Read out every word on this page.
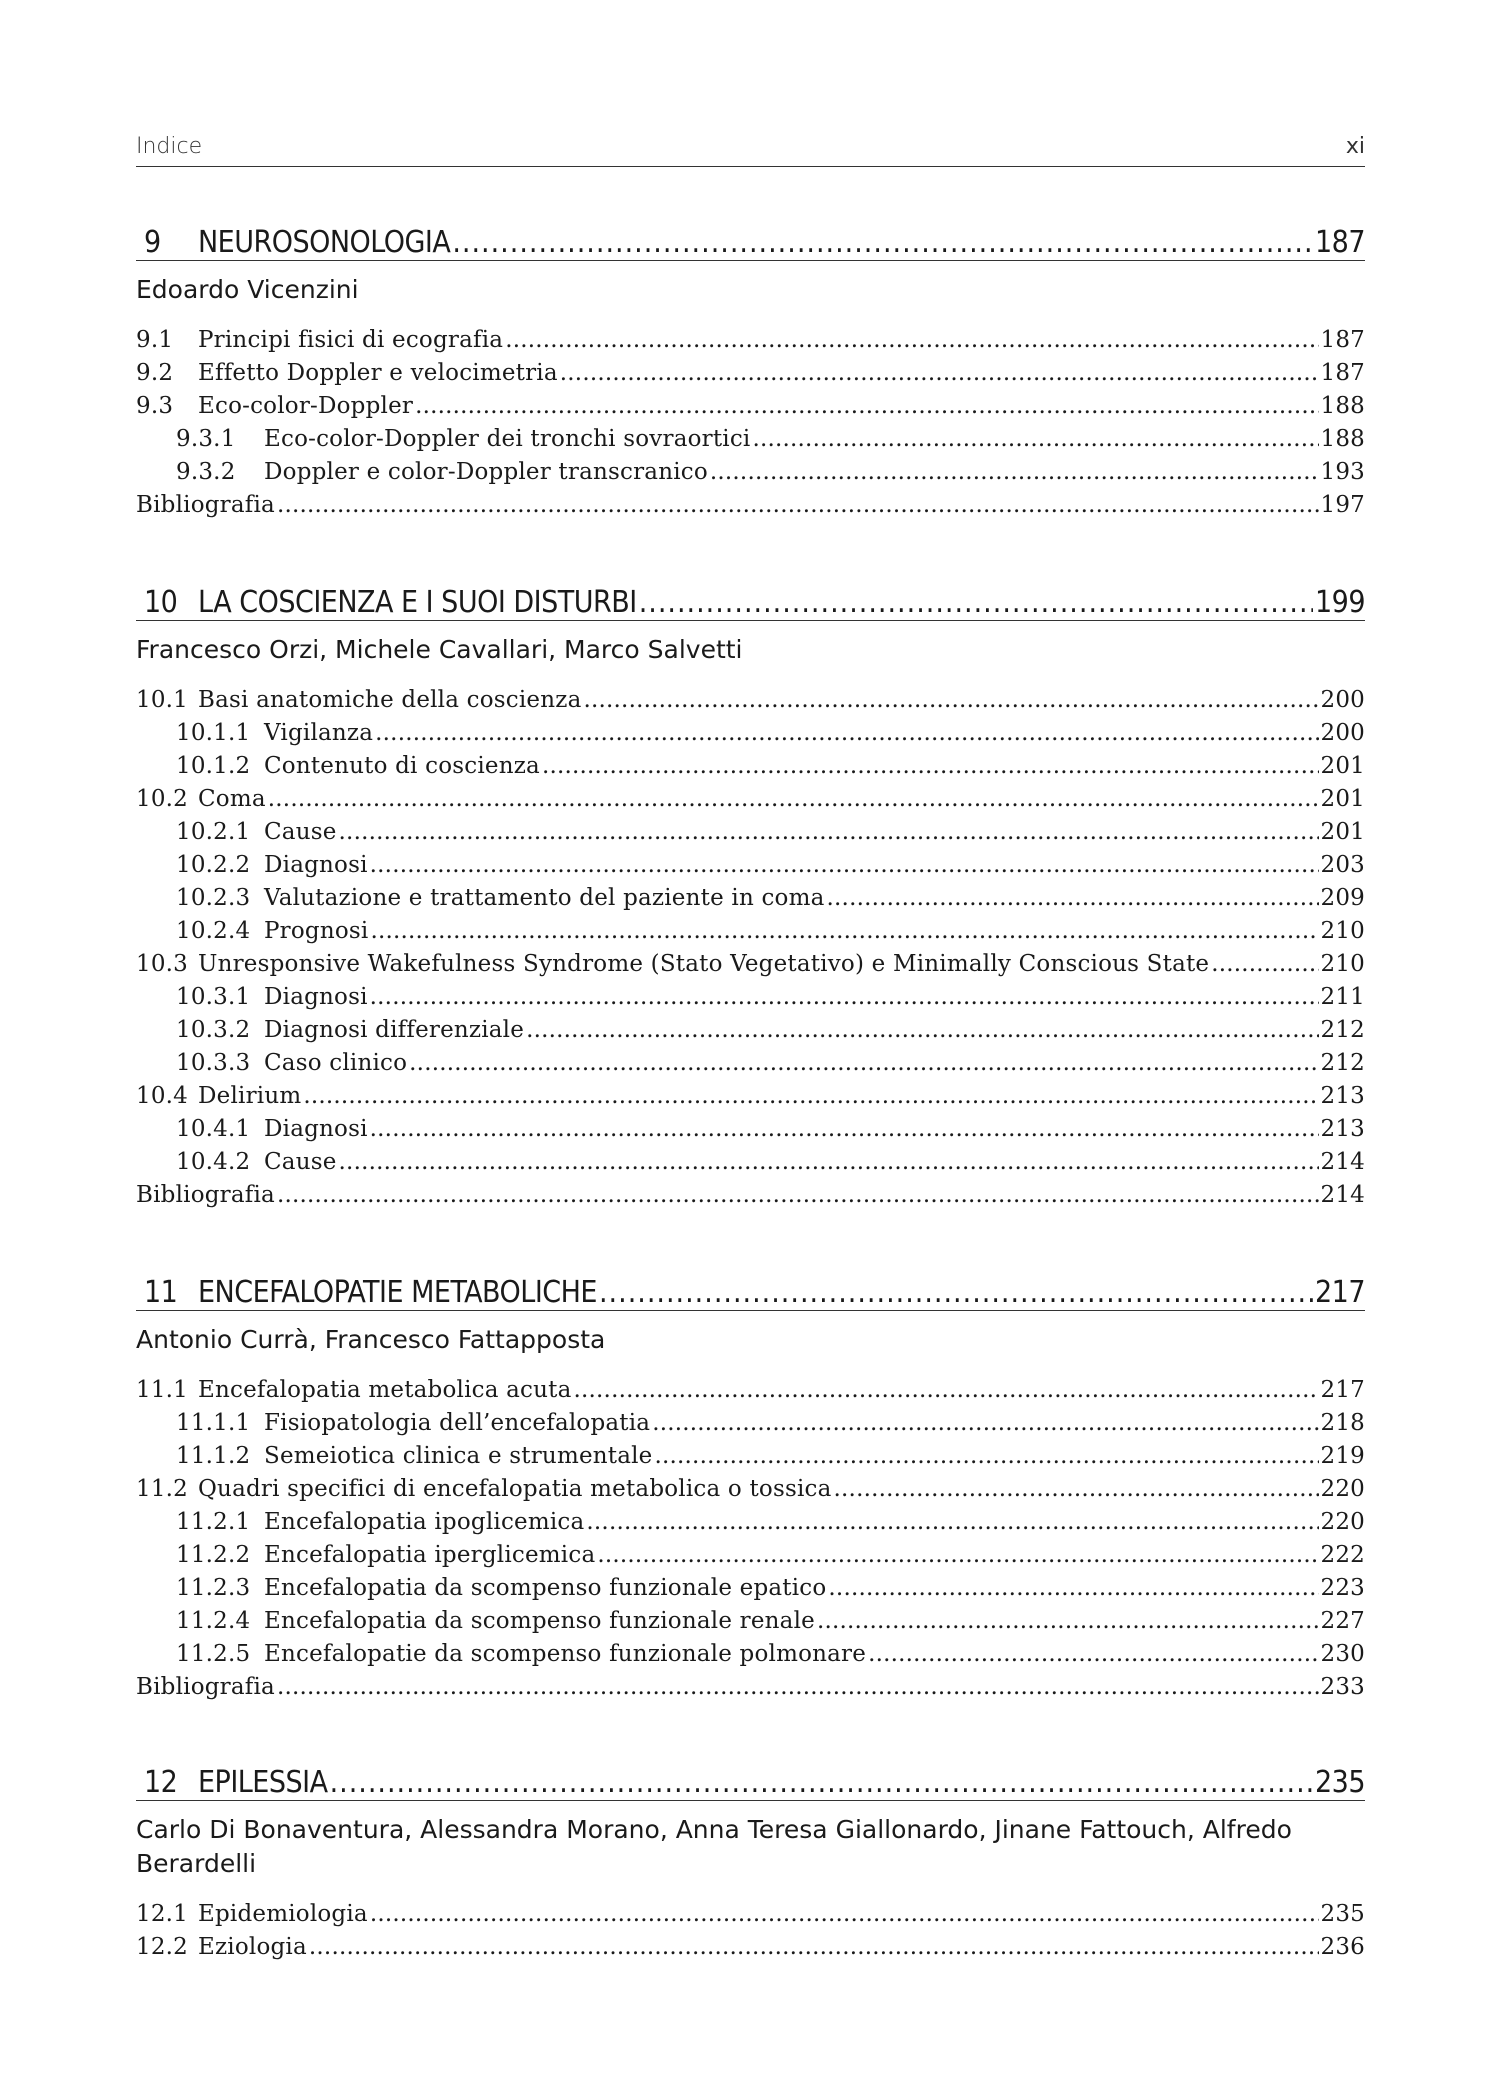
Indice	xi
9	NEUROSONOLOGIA .....	187
Edoardo Vicenzini
9.1	Principi fisici di ecografia .....	187
9.2	Effetto Doppler e velocimetria .....	187
9.3	Eco-color-Doppler .....	188
9.3.1	Eco-color-Doppler dei tronchi sovraortici .....	188
9.3.2	Doppler e color-Doppler transcranico .....	193
Bibliografia .....	197
10 LA COSCIENZA E I SUOI DISTURBI .....	199
Francesco Orzi, Michele Cavallari, Marco Salvetti
10.1 Basi anatomiche della coscienza .....	200
10.1.1 Vigilanza .....	200
10.1.2 Contenuto di coscienza .....	201
10.2 Coma .....	201
10.2.1 Cause .....	201
10.2.2 Diagnosi .....	203
10.2.3 Valutazione e trattamento del paziente in coma .....	209
10.2.4 Prognosi .....	210
10.3 Unresponsive Wakefulness Syndrome (Stato Vegetativo) e Minimally Conscious State .....	210
10.3.1 Diagnosi .....	211
10.3.2 Diagnosi differenziale .....	212
10.3.3 Caso clinico .....	212
10.4 Delirium .....	213
10.4.1 Diagnosi .....	213
10.4.2 Cause .....	214
Bibliografia .....	214
11 ENCEFALOPATIE METABOLICHE .....	217
Antonio Currà, Francesco Fattapposta
11.1 Encefalopatia metabolica acuta .....	217
11.1.1 Fisiopatologia dell’encefalopatia .....	218
11.1.2 Semeiotica clinica e strumentale .....	219
11.2 Quadri specifici di encefalopatia metabolica o tossica .....	220
11.2.1 Encefalopatia ipoglicemica .....	220
11.2.2 Encefalopatia iperglicemica .....	222
11.2.3 Encefalopatia da scompenso funzionale epatico .....	223
11.2.4 Encefalopatia da scompenso funzionale renale .....	227
11.2.5 Encefalopatie da scompenso funzionale polmonare .....	230
Bibliografia .....	233
12 EPILESSIA .....	235
Carlo Di Bonaventura, Alessandra Morano, Anna Teresa Giallonardo, Jinane Fattouch, Alfredo Berardelli
12.1 Epidemiologia .....	235
12.2 Eziologia .....	236
